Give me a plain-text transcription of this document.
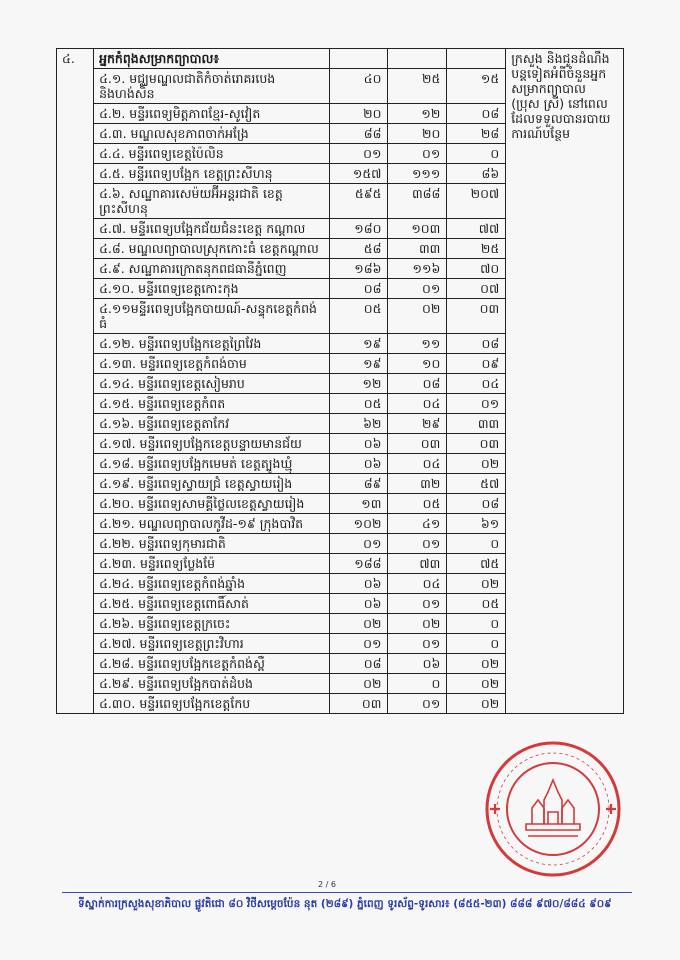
៤.	អ្នកកំពុងសម្រាកព្យាបាល៖				ក្រសួង និងជូនដំណឹងបន្តទៀតអំពីចំនួនអ្នកសម្រាកព្យាបាល (ប្រុស ស្រី) នៅពេលដែលទទួលបានរបាយការណ៍បន្ថែម
	៤.១. មជ្ឈមណ្ឌលជាតិកំចាត់រោគរបេង និងហង់សិន	៤០	២៥	១៥	
	៤.២. មន្ទីរពេទ្យមិត្តភាពខ្មែរ-សូវៀត	២០	១២	០៨	
	៤.៣. មណ្ឌលសុខភាពចាក់អង្រែ	៨៨	២០	២៨	
	៤.៤. មន្ទីរពេទ្យខេត្តប៉ៃលិន	០១	០១	០	
	៤.៥. មន្ទីរពេទ្យបង្អែក ខេត្តព្រះសីហនុ	១៥៧	១១១	៨៦	
	៤.៦. សណ្ឋាគារសេម៉យអ៊ីអន្តរជាតិ ខេត្តព្រះសីហនុ	៥៩៥	៣៨៨	២០៧	
	៤.៧. មន្ទីរពេទ្យបង្អែកជ័យជំនះខេត្ត កណ្តាល	១៨០	១០៣	៧៧	
	៤.៨. មណ្ឌលព្យាបាលស្រុកកោះធំ ខេត្តកណ្តាល	៥៨	៣៣	២៥	
	៤.៩. សណ្ឋាគារក្រោតនុកពជធានីភ្នំពេញ	១៨៦	១១៦	៧០	
	៤.១០. មន្ទីរពេទ្យខេត្តកោះកុង	០៨	០១	០៧	
	៤.១១មន្ទីរពេទ្យបង្អែកបាយណ៍-សន្ទុកខេត្តកំពង់ធំ	០៥	០២	០៣	
	៤.១២. មន្ទីរពេទ្យបង្អែកខេត្តព្រៃវែង	១៩	១១	០៨	
	៤.១៣. មន្ទីរពេទ្យខេត្តកំពង់ចាម	១៩	១០	០៩	
	៤.១៤. មន្ទីរពេទ្យខេត្តសៀមរាប	១២	០៨	០៤	
	៤.១៥. មន្ទីរពេទ្យខេត្តកំពត	០៥	០៤	០១	
	៤.១៦. មន្ទីរពេទ្យខេត្តតាកែវ	៦២	២៩	៣៣	
	៤.១៧. មន្ទីរពេទ្យបង្អែកខេត្តបន្ទាយមានជ័យ	០៦	០៣	០៣	
	៤.១៨. មន្ទីរពេទ្យបង្អែកមេមត់ ខេត្តត្បូងឃ្មុំ	០៦	០៤	០២	
	៤.១៩. មន្ទីរពេទ្យស្វាយជ្រំ ខេត្តស្វាយរៀង	៨៩	៣២	៥៧	
	៤.២០. មន្ទីរពេទ្យសាមគ្គីថ្លៃលខេត្តស្វាយរៀង	១៣	០៥	០៨	
	៤.២១. មណ្ឌលព្យាបាលកូវីដ-១៩ ក្រុងបាវិត	១០២	៤១	៦១	
	៤.២២. មន្ទីរពេទ្យកុមារជាតិ	០១	០១	០	
	៤.២៣. មន្ទីរពេទ្យប្លែងម៉ែ	១៨៨	៧៣	៧៥	
	៤.២៤. មន្ទីរពេទ្យខេត្តកំពង់ឆ្នាំង	០៦	០៤	០២	
	៤.២៥. មន្ទីរពេទ្យខេត្តពោធិ៍សាត់	០៦	០១	០៥	
	៤.២៦. មន្ទីរពេទ្យខេត្តក្រចេះ	០២	០២	០	
	៤.២៧. មន្ទីរពេទ្យខេត្តព្រះវិហារ	០១	០១	០	
	៤.២៨. មន្ទីរពេទ្យបង្អែកខេត្តកំពង់ស្ពឺ	០៨	០៦	០២	
	៤.២៩. មន្ទីរពេទ្យបង្អែកបាត់ដំបង	០២	០	០២	
	៤.៣០. មន្ទីរពេទ្យបង្អែកខេត្តកែប	០៣	០១	០២	
2 / 6
ទីស្នាក់ការក្រសួងសុខាភិបាល ផ្លូវតិជោ ៨០ វិថីសម្តេចប៉ែន នុត (២៨៩) ភ្នំពេញ ទូរស័ព្ទ-ទូរសារ៖ (៨៥៥-២៣) ៨៨៨ ៩៧០/៨៨៤ ៩០៩
